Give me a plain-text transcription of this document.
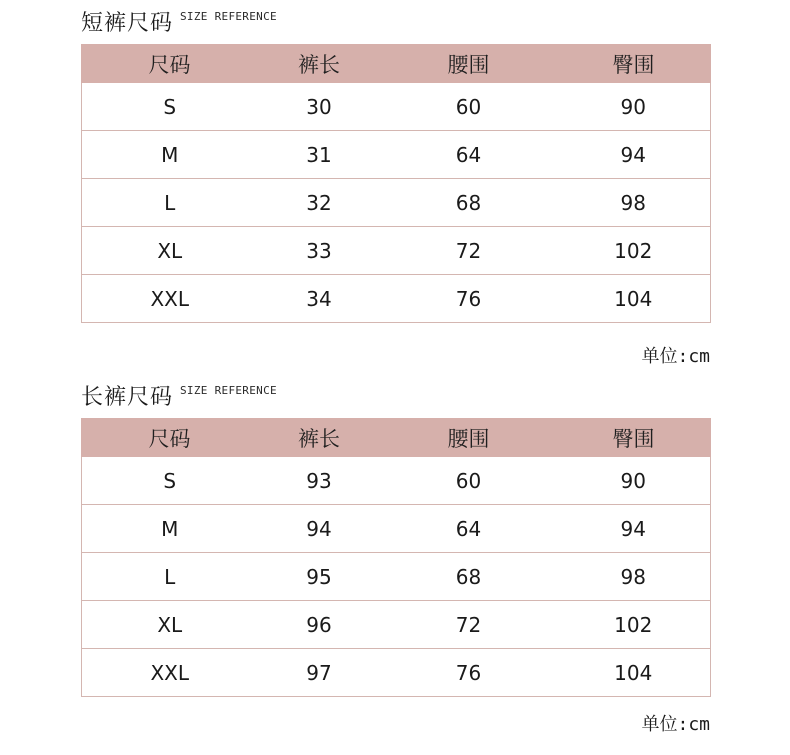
短裤尺码 SIZE REFERENCE
尺码	裤长	腰围	臀围
S	30	60	90
M	31	64	94
L	32	68	98
XL	33	72	102
XXL	34	76	104
单位:cm
长裤尺码 SIZE REFERENCE
尺码	裤长	腰围	臀围
S	93	60	90
M	94	64	94
L	95	68	98
XL	96	72	102
XXL	97	76	104
单位:cm
